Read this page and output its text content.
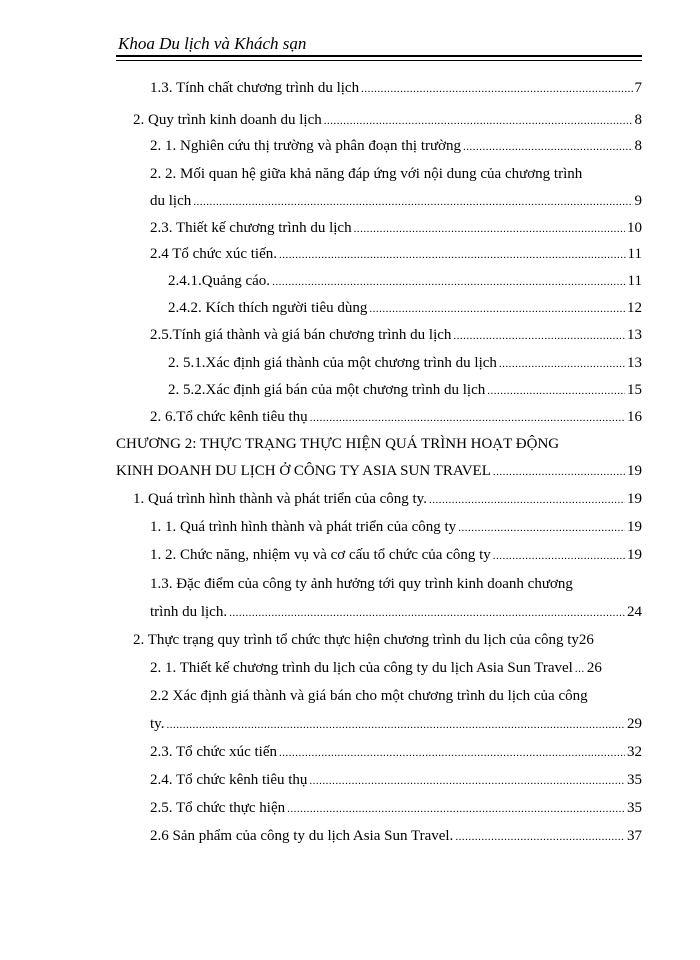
Khoa Du lịch và Khách sạn
1.3. Tính chất chương trình du lịch .....	7
2. Quy trình kinh doanh du lịch .....	8
2. 1. Nghiên cứu thị trường và phân đoạn thị trường .....	8
2. 2. Mối quan hệ giữa khả năng đáp ứng với nội dung của chương trình
du lịch .....	9
2.3. Thiết kế chương trình du lịch .....	10
2.4 Tổ chức xúc tiến. .....	11
2.4.1.Quảng cáo. .....	11
2.4.2. Kích thích người tiêu dùng .....	12
2.5.Tính giá thành và giá bán chương trình du lịch .....	13
2. 5.1.Xác định giá thành của một chương trình du lịch .....	13
2. 5.2.Xác định giá bán của một chương trình du lịch .....	15
2. 6.Tổ chức kênh tiêu thụ .....	16
CHƯƠNG 2: THỰC TRẠNG THỰC HIỆN QUÁ TRÌNH HOẠT ĐỘNG
KINH DOANH DU LỊCH Ở CÔNG TY ASIA SUN TRAVEL .....	19
1. Quá trình hình thành và phát triển của công ty. .....	19
1. 1. Quá trình hình thành và phát triển của công ty .....	19
1. 2. Chức năng, nhiệm vụ và cơ cấu tổ chức của công ty .....	19
1.3. Đặc điểm của công ty ảnh hưởng tới quy trình kinh doanh chương
trình du lịch. .....	24
2. Thực trạng quy trình tổ chức thực hiện chương trình du lịch của công ty 26
2. 1. Thiết kế chương trình du lịch của công ty du lịch Asia Sun Travel ..... 26
2.2 Xác định giá thành và giá bán cho một chương trình du lịch của công
ty. .....	29
2.3. Tổ chức xúc tiến .....	32
2.4. Tổ chức kênh tiêu thụ .....	35
2.5. Tổ chức thực hiện .....	35
2.6 Sản phẩm của công ty du lịch Asia Sun Travel. .....	37
